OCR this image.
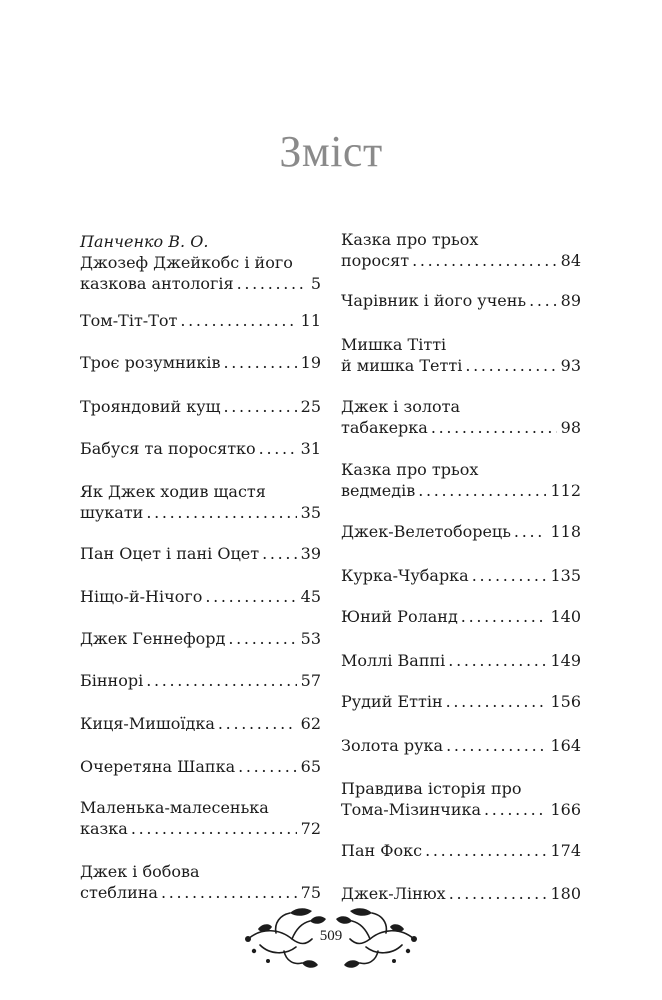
Зміст
Панченко В. О.
Джозеф Джейкобс і його
казкова антологія . . .	5
Том-Тіт-Тот . . .	11
Троє розумників . . .	19
Трояндовий кущ . . .	25
Бабуся та поросятко . . .	31
Як Джек ходив щастя
шукати . . .	35
Пан Оцет і пані Оцет . . .	39
Ніщо-й-Нічого . . .	45
Джек Геннефорд . . .	53
Біннорі . . .	57
Киця-Мишоїдка . . .	62
Очеретяна Шапка . . .	65
Маленька-малесенька
казка . . .	72
Джек і бобова
стеблина . . .	75
Казка про трьох
поросят . . .	84
Чарівник і його учень . . . 89
Мишка Тітті
й мишка Тетті . . .	93
Джек і золота
табакерка . . .	98
Казка про трьох
ведмедів . . .	112
Джек-Велетоборець . . . 118
Курка-Чубарка . . .	135
Юний Роланд . . .	140
Моллі Ваппі . . .	149
Рудий Еттін . . .	156
Золота рука . . .	164
Правдива історія про
Тома-Мізинчика . . .	166
Пан Фокс . . .	174
Джек-Лінюх . . .	180
509
